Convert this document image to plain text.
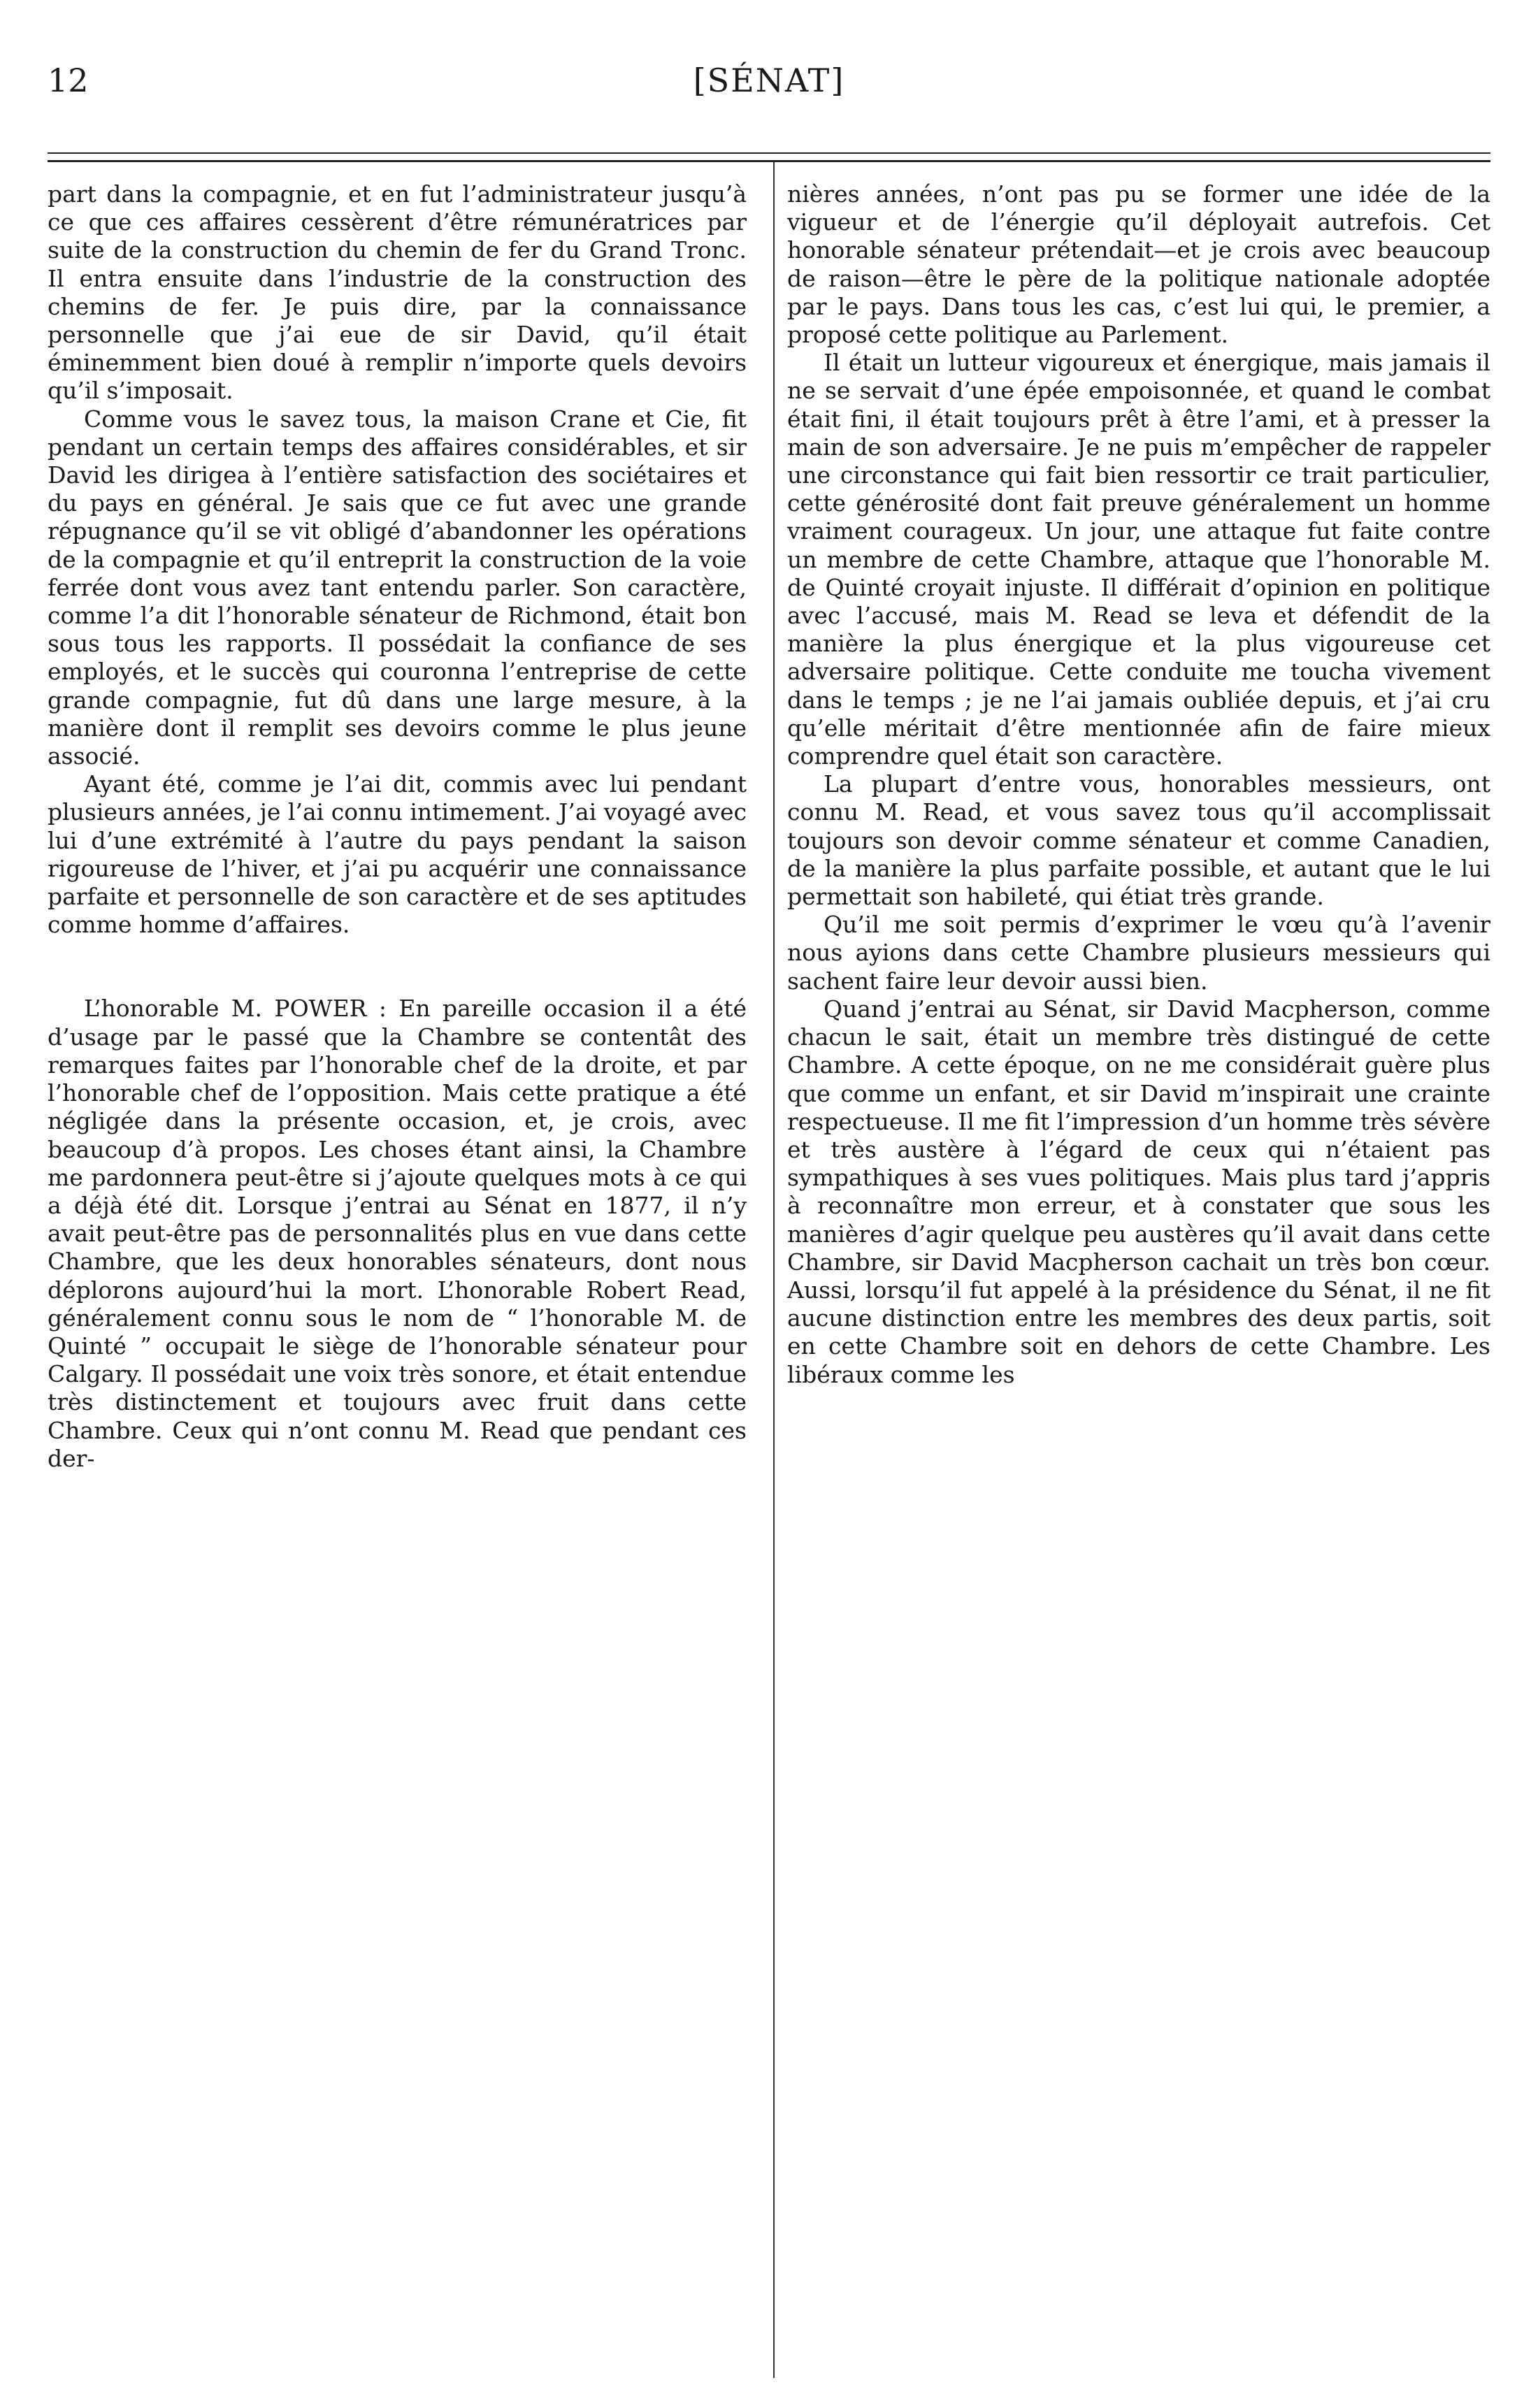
12	[SÉNAT]

part dans la compagnie, et en fut l’administrateur jusqu’à ce que ces affaires cessèrent d’être rémunératrices par suite de la construction du chemin de fer du Grand Tronc. Il entra ensuite dans l’industrie de la construction des chemins de fer. Je puis dire, par la connaissance personnelle que j’ai eue de sir David, qu’il était éminemment bien doué à remplir n’importe quels devoirs qu’il s’imposait.

Comme vous le savez tous, la maison Crane et Cie, fit pendant un certain temps des affaires considérables, et sir David les dirigea à l’entière satisfaction des sociétaires et du pays en général. Je sais que ce fut avec une grande répugnance qu’il se vit obligé d’abandonner les opérations de la compagnie et qu’il entreprit la construction de la voie ferrée dont vous avez tant entendu parler. Son caractère, comme l’a dit l’honorable sénateur de Richmond, était bon sous tous les rapports. Il possédait la confiance de ses employés, et le succès qui couronna l’entreprise de cette grande compagnie, fut dû dans une large mesure, à la manière dont il remplit ses devoirs comme le plus jeune associé.

Ayant été, comme je l’ai dit, commis avec lui pendant plusieurs années, je l’ai connu intimement. J’ai voyagé avec lui d’une extrémité à l’autre du pays pendant la saison rigoureuse de l’hiver, et j’ai pu acquérir une connaissance parfaite et personnelle de son caractère et de ses aptitudes comme homme d’affaires.

L’honorable M. POWER : En pareille occasion il a été d’usage par le passé que la Chambre se contentât des remarques faites par l’honorable chef de la droite, et par l’honorable chef de l’opposition. Mais cette pratique a été négligée dans la présente occasion, et, je crois, avec beaucoup d’à propos. Les choses étant ainsi, la Chambre me pardonnera peut-être si j’ajoute quelques mots à ce qui a déjà été dit. Lorsque j’entrai au Sénat en 1877, il n’y avait peut-être pas de personnalités plus en vue dans cette Chambre, que les deux honorables sénateurs, dont nous déplorons aujourd’hui la mort. L’honorable Robert Read, généralement connu sous le nom de “ l’honorable M. de Quinté ” occupait le siège de l’honorable sénateur pour Calgary. Il possédait une voix très sonore, et était entendue très distinctement et toujours avec fruit dans cette Chambre. Ceux qui n’ont connu M. Read que pendant ces der-

nières années, n’ont pas pu se former une idée de la vigueur et de l’énergie qu’il déployait autrefois. Cet honorable sénateur prétendait—et je crois avec beaucoup de raison—être le père de la politique nationale adoptée par le pays. Dans tous les cas, c’est lui qui, le premier, a proposé cette politique au Parlement.

Il était un lutteur vigoureux et énergique, mais jamais il ne se servait d’une épée empoisonnée, et quand le combat était fini, il était toujours prêt à être l’ami, et à presser la main de son adversaire. Je ne puis m’empêcher de rappeler une circonstance qui fait bien ressortir ce trait particulier, cette générosité dont fait preuve généralement un homme vraiment courageux. Un jour, une attaque fut faite contre un membre de cette Chambre, attaque que l’honorable M. de Quinté croyait injuste. Il différait d’opinion en politique avec l’accusé, mais M. Read se leva et défendit de la manière la plus énergique et la plus vigoureuse cet adversaire politique. Cette conduite me toucha vivement dans le temps ; je ne l’ai jamais oubliée depuis, et j’ai cru qu’elle méritait d’être mentionnée afin de faire mieux comprendre quel était son caractère.

La plupart d’entre vous, honorables messieurs, ont connu M. Read, et vous savez tous qu’il accomplissait toujours son devoir comme sénateur et comme Canadien, de la manière la plus parfaite possible, et autant que le lui permettait son habileté, qui étiat très grande.

Qu’il me soit permis d’exprimer le vœu qu’à l’avenir nous ayions dans cette Chambre plusieurs messieurs qui sachent faire leur devoir aussi bien.

Quand j’entrai au Sénat, sir David Macpherson, comme chacun le sait, était un membre très distingué de cette Chambre. A cette époque, on ne me considérait guère plus que comme un enfant, et sir David m’inspirait une crainte respectueuse. Il me fit l’impression d’un homme très sévère et très austère à l’égard de ceux qui n’étaient pas sympathiques à ses vues politiques. Mais plus tard j’appris à reconnaître mon erreur, et à constater que sous les manières d’agir quelque peu austères qu’il avait dans cette Chambre, sir David Macpherson cachait un très bon cœur. Aussi, lorsqu’il fut appelé à la présidence du Sénat, il ne fit aucune distinction entre les membres des deux partis, soit en cette Chambre soit en dehors de cette Chambre. Les libéraux comme les
